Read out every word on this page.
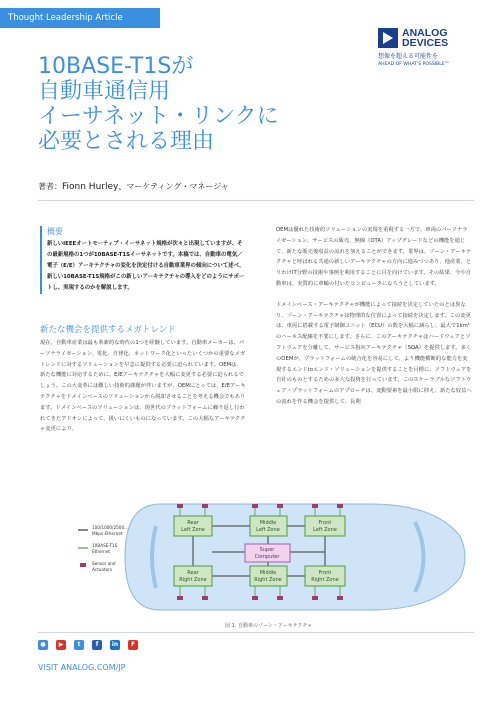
Thought Leadership Article
ANALOG
DEVICES
想像を超える可能性を
AHEAD OF WHAT'S POSSIBLE™
10BASE-T1Sが
自動車通信用
イーサネット・リンクに
必要とされる理由
著者：Fionn Hurley、マーケティング・マネージャ
概要
新しいIEEEオートモーティブ・イーサネット規格が次々と出現していますが、その最新規格の1つが10BASE-T1Sイーサネットです。本稿では、自動車の電気／電子（E/E）アーキテクチャの変化を決定付ける自動車業界の傾向について述べ、新しい10BASE-T1S規格がこの新しいアーキテクチャの導入をどのようにサポートし、実現するのかを解説します。
新たな機会を提供するメガトレンド

現在、自動車産業は最も革新的な時代の1つを経験しています。自動車メーカーは、パーソナライゼーション、電化、自律化、ネットワーク化といったいくつかの重要なメガトレンドに対するソリューションを早急に提供する必要に迫られています。OEMは、新たな機能に対応するために、E/Eアーキテクチャを大幅に変更する必要に迫られるでしょう。この大変革には難しい技術的課題が伴いますが、OEMにとっては、E/Eアーキテクチャをドメインベースのソリューションから脱却させることを考える機会でもあります。ドメインベースのソリューションは、現世代のプラットフォームに繰り返し行われてきたアドオンによって、扱いにくいものになっています。この大幅なアーキテクチャ変更により、

OEMは優れた技術的ソリューションの実現を重視する一方で、車両のパーソナライゼーション、サービスの販売、無線（OTA）アップグレードなどの機能を通じて、新たな販売後収益の流れを加えることができます。業界は、ゾーン・アーキテクチャと呼ばれる共通の新しいアーキテクチャの方向に進みつつあり、他産業、とりわけIT分野の技術や事例を利用することに目を向けています。その結果、今や自動車は、実質的に車輪の付いたコンピュータになろうとしています。

ドメインベース・アーキテクチャが機能によって接続を決定していたのとは異なり、ゾーン・アーキテクチャは物理的な位置によって接続を決定します。この変更は、車両に搭載する電子制御ユニット（ECU）の数を大幅に減らし、最大で1km¹のハーネス配線を不要にします。さらに、このアーキテクチャはハードウェアとソフトウェアを分離して、サービス指向アーキテクチャ（SOA）を提供します。多くのOEMが、プラットフォームの統合化を容易にして、より機能横断的な能力を実現するエンドtoエンド・ソリューションを提供することを目標に、ソフトウェアを自社のものとするための多大な投資を行っています。このスケーラブルなソフトウェア・プラットフォームのアプローチは、変動要素を最小限に抑え、新たな収益への流れを作る機会を提供して、長期

Rear
Left Zone
Middle
Left Zone
Front
Left Zone
Rear
Right Zone
Middle
Right Zone
Front
Right Zone
Super
Computer
100/1000/2500...
Mbps Ethernet
10BASE-T1S
Ethernet
Sensor and
Actuators
図 1. 自動車のゾーン・アーキテクチャ
●	▶	t	f	in	F
VISIT ANALOG.COM/JP
